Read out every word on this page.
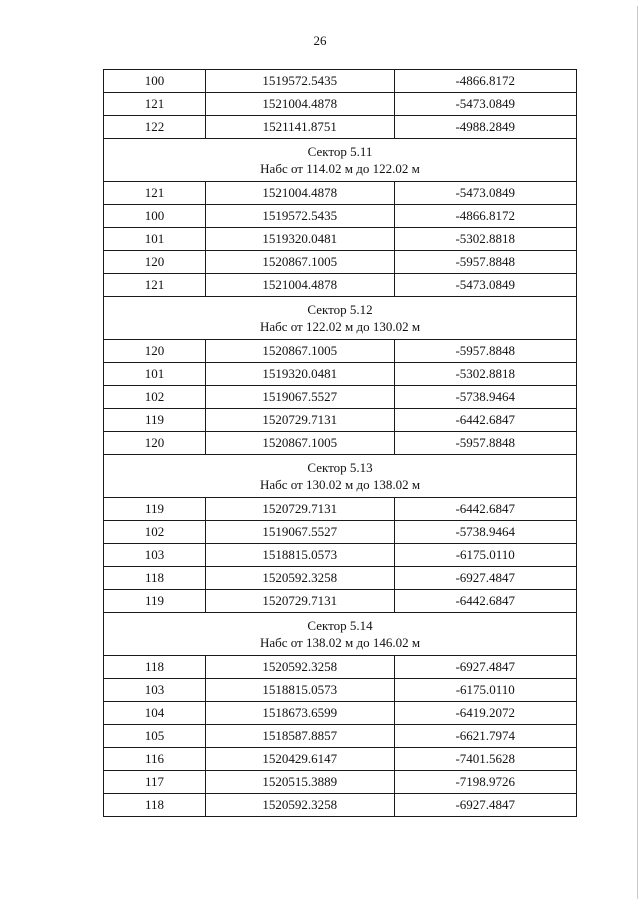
26
100	1519572.5435	-4866.8172
121	1521004.4878	-5473.0849
122	1521141.8751	-4988.2849

Сектор 5.11
Набс от 114.02 м до 122.02 м		

121	1521004.4878	-5473.0849
100	1519572.5435	-4866.8172
101	1519320.0481	-5302.8818
120	1520867.1005	-5957.8848
121	1521004.4878	-5473.0849

Сектор 5.12
Набс от 122.02 м до 130.02 м		

120	1520867.1005	-5957.8848
101	1519320.0481	-5302.8818
102	1519067.5527	-5738.9464
119	1520729.7131	-6442.6847
120	1520867.1005	-5957.8848

Сектор 5.13
Набс от 130.02 м до 138.02 м		

119	1520729.7131	-6442.6847
102	1519067.5527	-5738.9464
103	1518815.0573	-6175.0110
118	1520592.3258	-6927.4847
119	1520729.7131	-6442.6847

Сектор 5.14
Набс от 138.02 м до 146.02 м		

118	1520592.3258	-6927.4847
103	1518815.0573	-6175.0110
104	1518673.6599	-6419.2072
105	1518587.8857	-6621.7974
116	1520429.6147	-7401.5628
117	1520515.3889	-7198.9726
118	1520592.3258	-6927.4847
